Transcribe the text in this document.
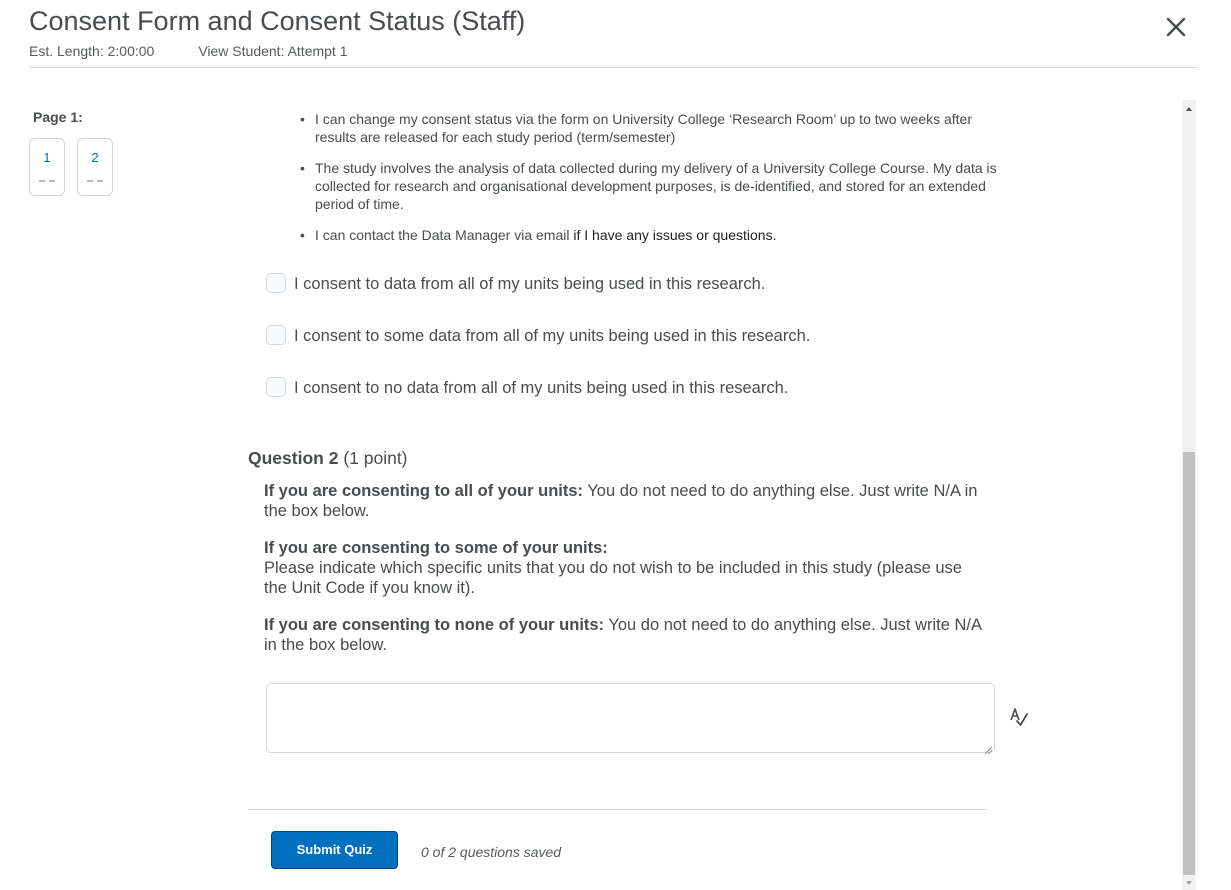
Consent Form and Consent Status (Staff)
Est. Length: 2:00:00	View Student: Attempt 1
Page 1:
1	2
• I can change my consent status via the form on University College ‘Research Room’ up to two weeks after results are released for each study period (term/semester)
• The study involves the analysis of data collected during my delivery of a University College Course. My data is collected for research and organisational development purposes, is de-identified, and stored for an extended period of time.
• I can contact the Data Manager via email if I have any issues or questions.
I consent to data from all of my units being used in this research.
I consent to some data from all of my units being used in this research.
I consent to no data from all of my units being used in this research.
Question 2 (1 point)

If you are consenting to all of your units: You do not need to do anything else. Just write N/A in the box below.

If you are consenting to some of your units:
Please indicate which specific units that you do not wish to be included in this study (please use the Unit Code if you know it).

If you are consenting to none of your units: You do not need to do anything else. Just write N/A in the box below.

Submit Quiz	0 of 2 questions saved
